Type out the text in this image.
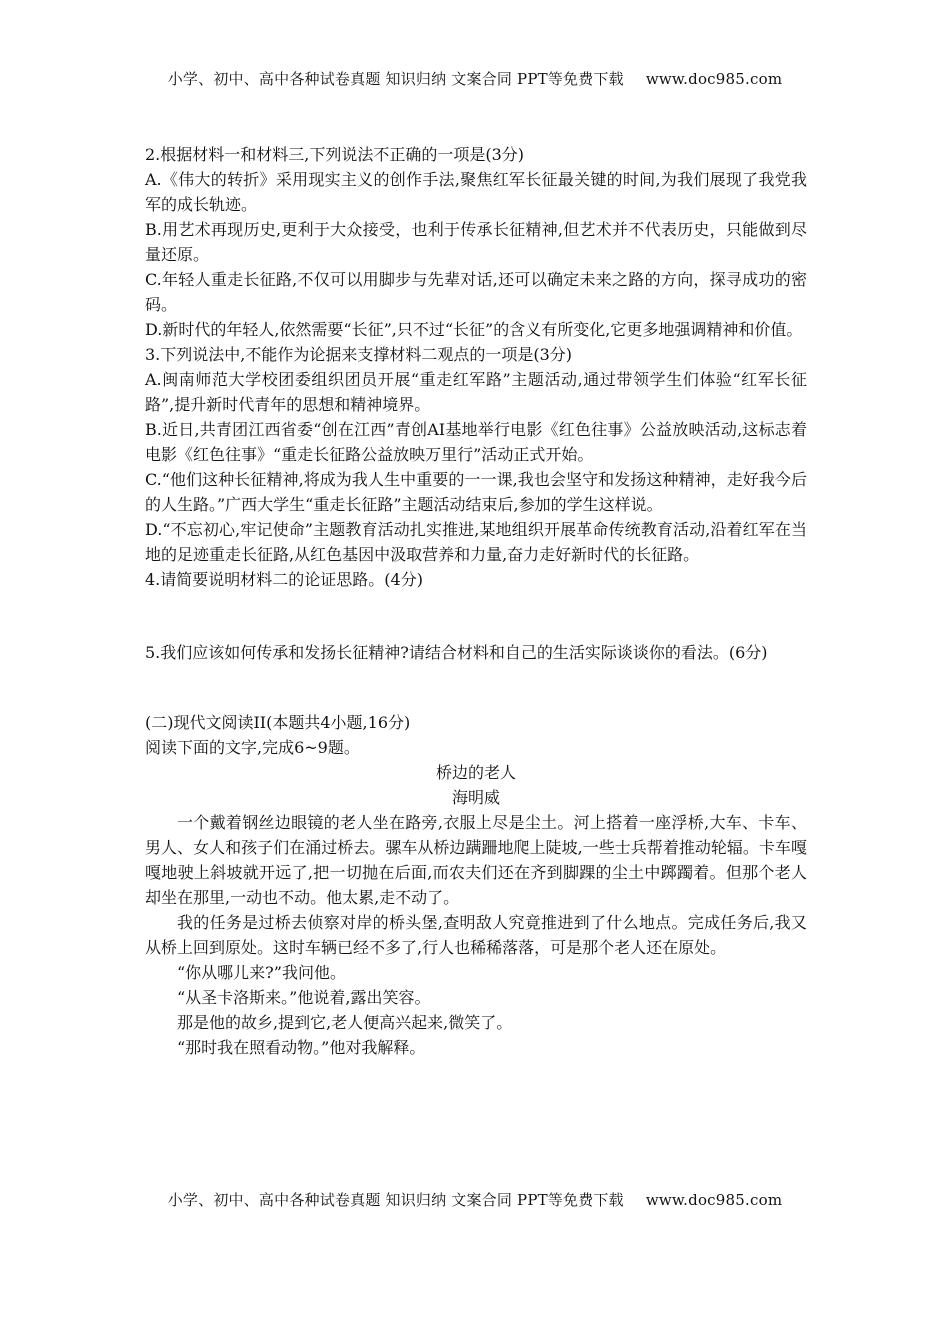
小学、初中、高中各种试卷真题 知识归纳 文案合同 PPT等免费下载 www.doc985.com

2.根据材料一和材料三,下列说法不正确的一项是(3分)

A.《伟大的转折》采用现实主义的创作手法,聚焦红军长征最关键的时间,为我们展现了我党我军的成长轨迹。

B.用艺术再现历史,更利于大众接受，也利于传承长征精神,但艺术并不代表历史，只能做到尽量还原。

C.年轻人重走长征路,不仅可以用脚步与先辈对话,还可以确定未来之路的方向，探寻成功的密码。

D.新时代的年轻人,依然需要“长征”,只不过“长征”的含义有所变化,它更多地强调精神和价值。

3.下列说法中,不能作为论据来支撑材料二观点的一项是(3分)

A.闽南师范大学校团委组织团员开展“重走红军路”主题活动,通过带领学生们体验“红军长征路”,提升新时代青年的思想和精神境界。

B.近日,共青团江西省委“创在江西”青创AI基地举行电影《红色往事》公益放映活动,这标志着电影《红色往事》“重走长征路公益放映万里行”活动正式开始。

C.“他们这种长征精神,将成为我人生中重要的一一课,我也会坚守和发扬这种精神，走好我今后的人生路。”广西大学生“重走长征路”主题活动结束后,参加的学生这样说。

D.“不忘初心,牢记使命”主题教育活动扎实推进,某地组织开展革命传统教育活动,沿着红军在当地的足迹重走长征路,从红色基因中汲取营养和力量,奋力走好新时代的长征路。

4.请简要说明材料二的论证思路。(4分)

5.我们应该如何传承和发扬长征精神?请结合材料和自己的生活实际谈谈你的看法。(6分)

(二)现代文阅读II(本题共4小题,16分)

阅读下面的文字,完成6~9题。

桥边的老人

海明威

一个戴着钢丝边眼镜的老人坐在路旁,衣服上尽是尘土。河上搭着一座浮桥,大车、卡车、男人、女人和孩子们在涌过桥去。骡车从桥边蹒跚地爬上陡坡,一些士兵帮着推动轮辐。卡车嘎嘎地驶上斜坡就开远了,把一切抛在后面,而农夫们还在齐到脚踝的尘土中踯躅着。但那个老人却坐在那里,一动也不动。他太累,走不动了。

我的任务是过桥去侦察对岸的桥头堡,查明敌人究竟推进到了什么地点。完成任务后,我又从桥上回到原处。这时车辆已经不多了,行人也稀稀落落，可是那个老人还在原处。

“你从哪儿来?”我问他。

“从圣卡洛斯来。”他说着,露出笑容。

那是他的故乡,提到它,老人便高兴起来,微笑了。

“那时我在照看动物。”他对我解释。

小学、初中、高中各种试卷真题 知识归纳 文案合同 PPT等免费下载 www.doc985.com
